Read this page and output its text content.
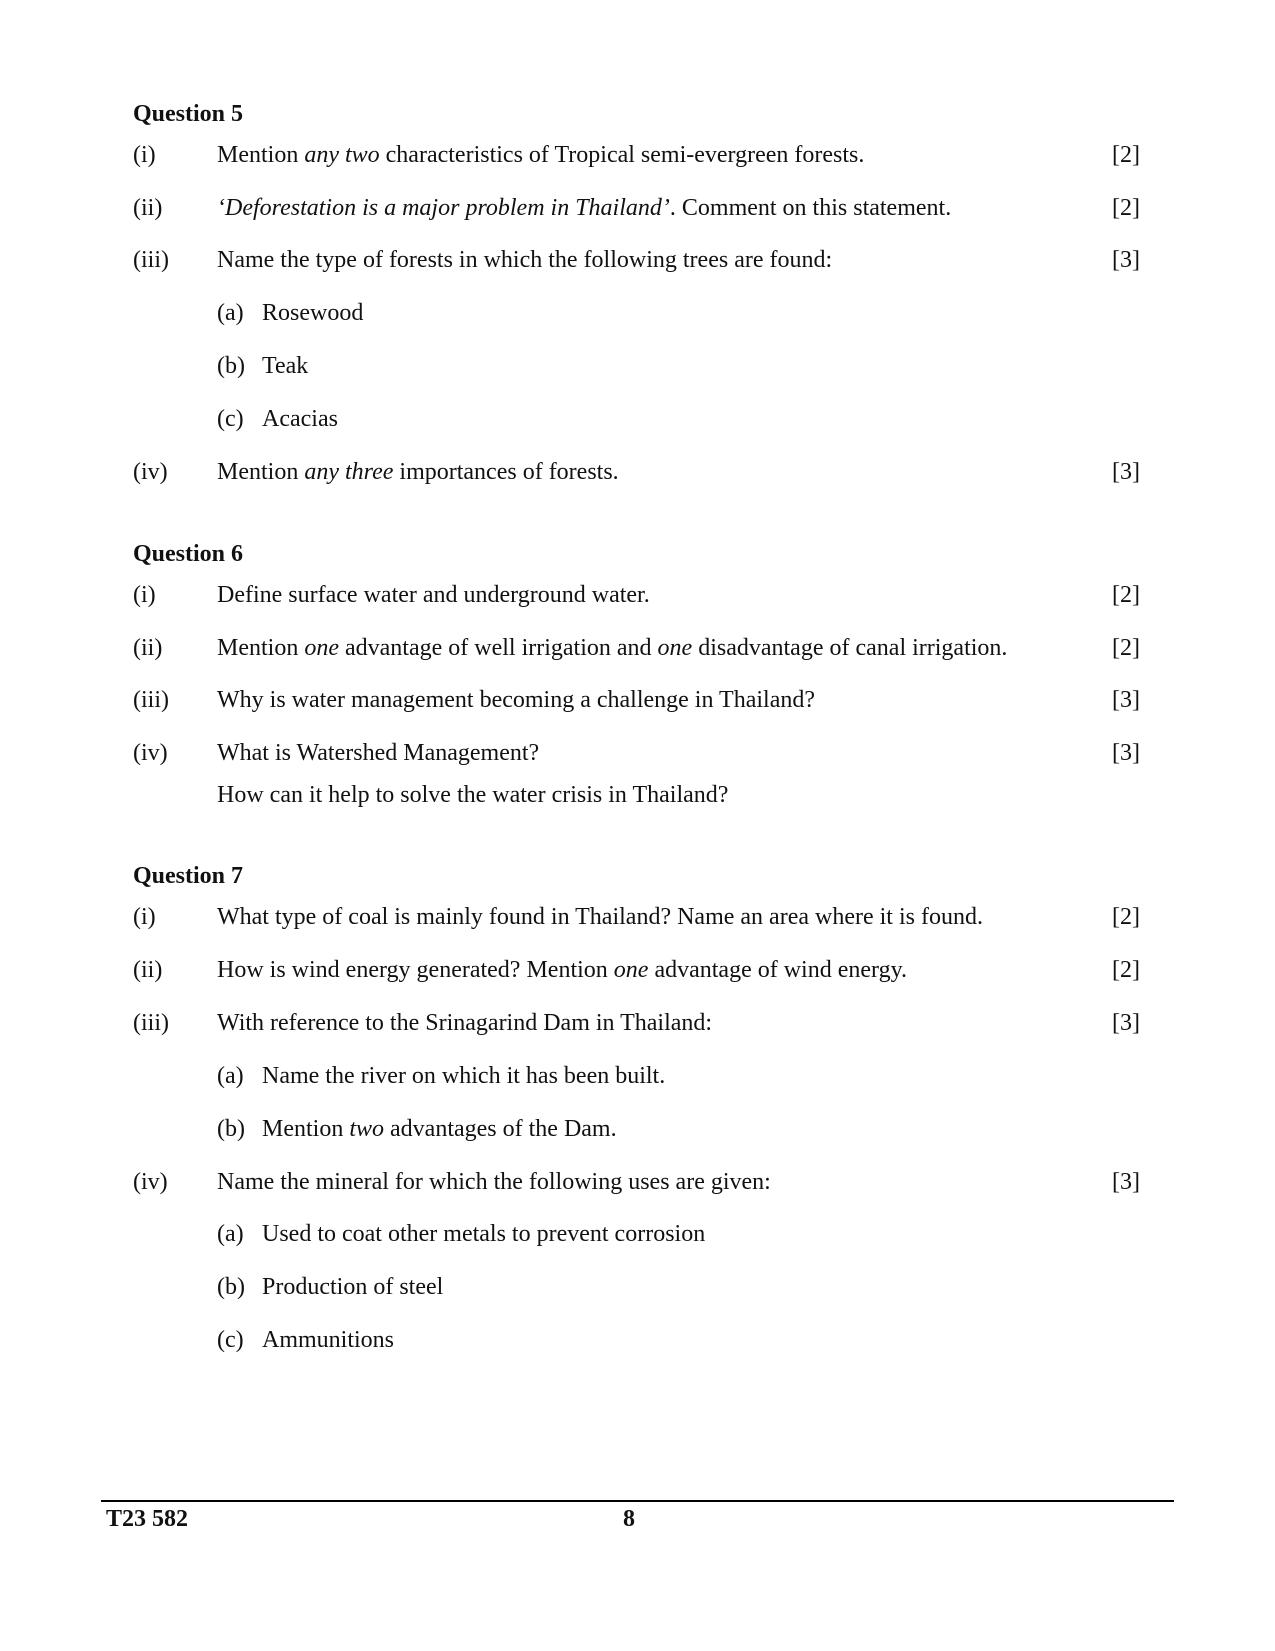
Question 5
(i)	Mention any two characteristics of Tropical semi-evergreen forests.	[2]
(ii) ‘Deforestation is a major problem in Thailand’. Comment on this statement.	[2]
(iii) Name the type of forests in which the following trees are found:	[3]
(a) Rosewood
(b) Teak
(c) Acacias
(iv) Mention any three importances of forests.	[3]
Question 6
(i)	Define surface water and underground water.	[2]
(ii) Mention one advantage of well irrigation and one disadvantage of canal irrigation.	[2]
(iii) Why is water management becoming a challenge in Thailand?	[3]
(iv) What is Watershed Management?	[3]
How can it help to solve the water crisis in Thailand?
Question 7
(i)	What type of coal is mainly found in Thailand? Name an area where it is found.	[2]
(ii) How is wind energy generated? Mention one advantage of wind energy.	[2]
(iii) With reference to the Srinagarind Dam in Thailand:	[3]
(a) Name the river on which it has been built.
(b) Mention two advantages of the Dam.
(iv) Name the mineral for which the following uses are given:	[3]
(a) Used to coat other metals to prevent corrosion
(b) Production of steel
(c) Ammunitions
T23 582	8
